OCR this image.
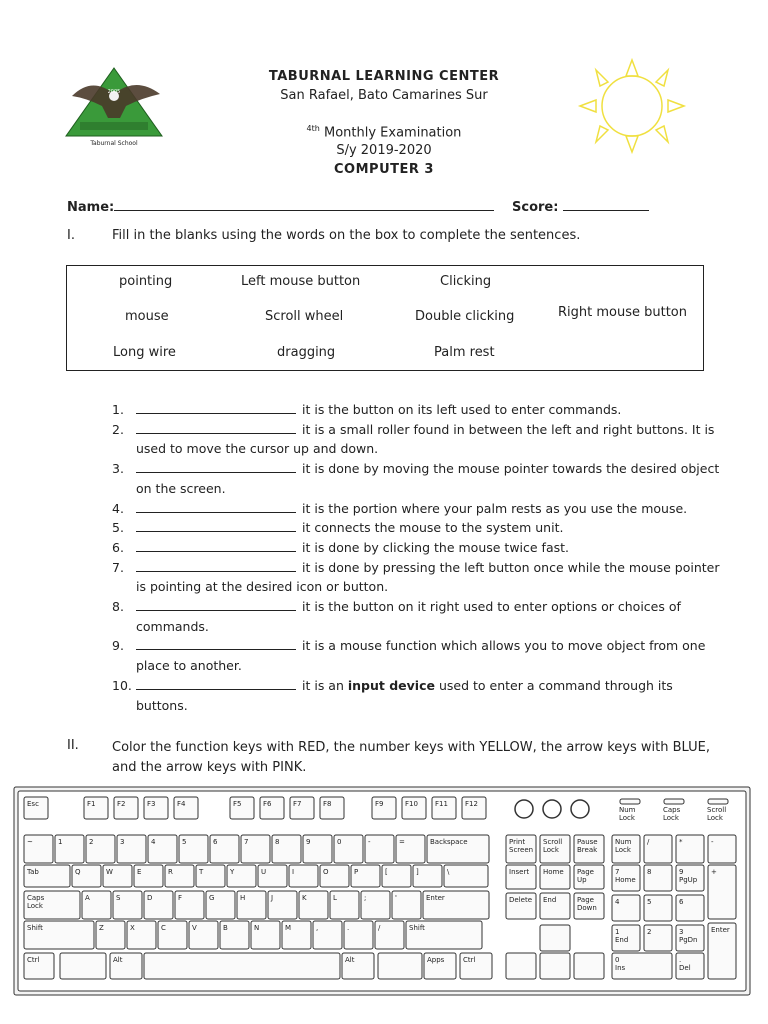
2005
Taburnal School
TABURNAL LEARNING CENTER
San Rafael, Bato Camarines Sur
$^{4th}$ Monthly Examination
S/y 2019-2020
COMPUTER 3
Name:	Score:
I.	Fill in the blanks using the words on the box to complete the sentences.
pointing	Left mouse button	Clicking
mouse	Scroll wheel	Double clicking	Right mouse button
Long wire	dragging	Palm rest
1.	it is the button on its left used to enter commands.
2.	it is a small roller found in between the left and right buttons. It is used to move the cursor up and down.
3.	it is done by moving the mouse pointer towards the desired object on the screen.
4.	it is the portion where your palm rests as you use the mouse.
5.	it connects the mouse to the system unit.
6.	it is done by clicking the mouse twice fast.
7.	it is done by pressing the left button once while the mouse pointer is pointing at the desired icon or button.
8.	it is the button on it right used to enter options or choices of commands.
9.	it is a mouse function which allows you to move object from one place to another.
10.	it is an input device used to enter a command through its buttons.
II.	Color the function keys with RED, the number keys with YELLOW, the arrow keys with BLUE, and the arrow keys with PINK.
Esc	F1	F2	F3	F4	F5	F6	F7	F8	F9	F10 F11 F12
Num
Lock
Caps
Lock
Scroll
Lock
~	1	2	3	4	5	6	7	8	9	0	-	=	Backspace
Tab	Q	W	E	R	T	Y	U	I	O	P	[	]	\
Caps
Lock
A	S	D	F	G	H	J	K	L	;	'	Enter
Shift	Z	X	C	V	B	N	M	,	.	/	Shift
Ctrl	Alt	Alt	Apps	Ctrl
Print
Screen
Scroll
Lock
Pause
Break
Insert Home Page
Up
Delete End	Page
Down
Num
Lock
/	*	-
7
Home
8	9
PgUp
+
4	5	6
1
End
2	3
PgDn
Enter
0
Ins
.
Del
